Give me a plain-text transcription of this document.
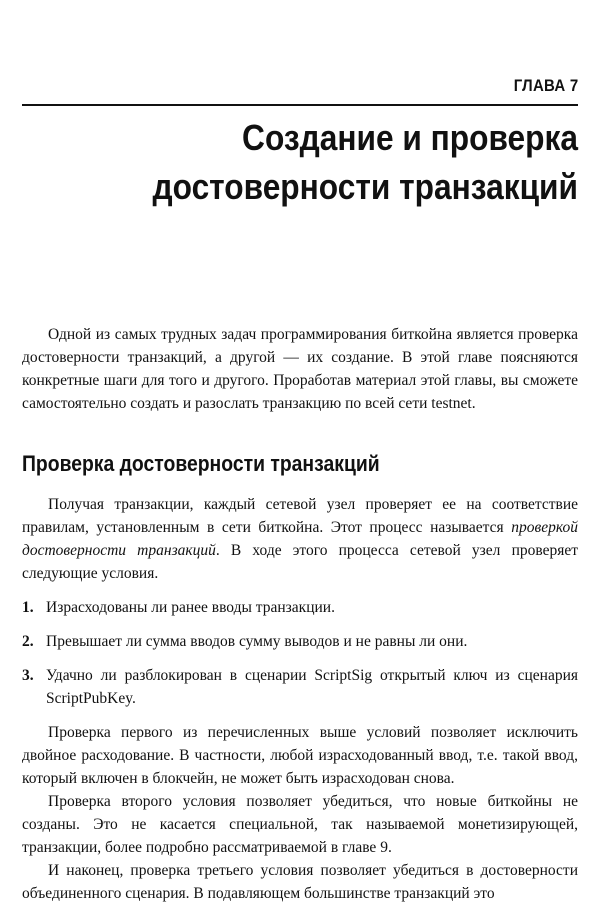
ГЛАВА 7
Создание и проверка
достоверности транзакций

Одной из самых трудных задач программирования биткойна является проверка достоверности транзакций, а другой — их создание. В этой главе поясняются конкретные шаги для того и другого. Проработав материал этой главы, вы сможете самостоятельно создать и разослать транзакцию по всей сети testnet.

Проверка достоверности транзакций

Получая транзакции, каждый сетевой узел проверяет ее на соответствие правилам, установленным в сети биткойна. Этот процесс называется проверкой достоверности транзакций. В ходе этого процесса сетевой узел проверяет следующие условия.

1. Израсходованы ли ранее вводы транзакции.
2. Превышает ли сумма вводов сумму выводов и не равны ли они.
3. Удачно ли разблокирован в сценарии ScriptSig открытый ключ из сценария ScriptPubKey.

Проверка первого из перечисленных выше условий позволяет исключить двойное расходование. В частности, любой израсходованный ввод, т.е. такой ввод, который включен в блокчейн, не может быть израсходован снова.

Проверка второго условия позволяет убедиться, что новые биткойны не созданы. Это не касается специальной, так называемой монетизирующей, транзакции, более подробно рассматриваемой в главе 9.

И наконец, проверка третьего условия позволяет убедиться в достоверности объединенного сценария. В подавляющем большинстве транзакций это
